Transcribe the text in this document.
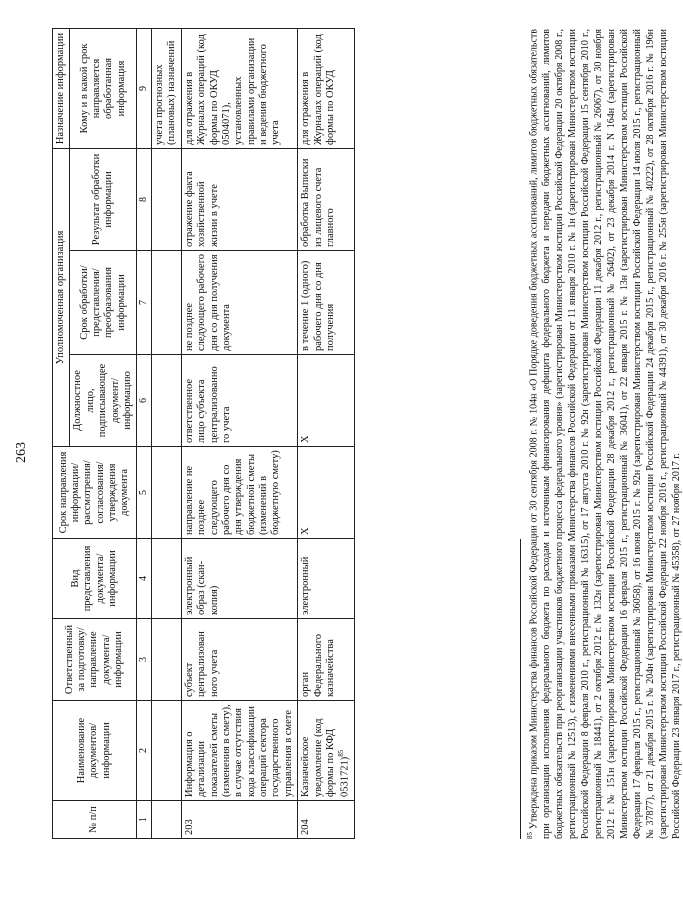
263
№ п/п	Наименование документов/ информации	Ответственный за подготовку/ направление документа/ информации	Вид представления документа/ информации	Срок направления информации/ рассмотрения/ согласования/ утверждения документа	Уполномоченная организация			Назначение информации
					Должностное лицо, подписывающее документ/ информацию	Срок обработки/ представления/ преобразования информации	Результат обработки информации	Кому и в какой срок направляется обработанная информация
1	2	3	4	5	6	7	8	9
								учета прогнозных (плановых) назначений
203	Информация о детализации показателей сметы (изменения в смету), в случае отсутствия кода классификации операций сектора государственного управления в смете	субъект централизован ного учета	электронный образ (скан-копия)	направление не позднее следующего рабочего дня со дня утверждения бюджетной сметы (изменений в бюджетную смету)	ответственное лицо субъекта централизованно го учета	не позднее следующего рабочего дня со дня получения документа	отражение факта хозяйственной жизни в учете	для отражения в Журналах операций (код формы по ОКУД 0504071), установленных правилами организации и ведения бюджетного учета
204	Казначейское уведомление (код формы по КФД 0531721)$^{85}$	орган Федерального казначейства	электронный	X	X	в течение 1 (одного) рабочего дня со дня получения	обработка Выписки из лицевого счета главного	для отражения в Журналах операций (код формы по ОКУД
$^{85}$ Утверждена приказом Министерства финансов Российской Федерации от 30 сентября 2008 г. № 104н «О Порядке доведения бюджетных ассигнований, лимитов бюджетных обязательств при организации исполнения федерального бюджета по расходам и источникам финансирования дефицита федерального бюджета и передачи бюджетных ассигнований, лимитов бюджетных обязательств при реорганизации участников бюджетного процесса федерального уровня» (зарегистрирован Министерством юстиции Российской Федерации 20 октября 2008 г., регистрационный № 12513), с изменениями внесенными приказами Министерства финансов Российской Федерации от 11 января 2010 г. № 1н (зарегистрирован Министерством юстиции Российской Федерации 8 февраля 2010 г., регистрационный № 16315), от 17 августа 2010 г. № 92н (зарегистрирован Министерством юстиции Российской Федерации 15 сентября 2010 г., регистрационный № 18441), от 2 октября 2012 г. № 132н (зарегистрирован Министерством юстиции Российской Федерации 11 декабря 2012 г., регистрационный № 26067), от 30 ноября 2012 г. № 151н (зарегистрирован Министерством юстиции Российской Федерации 28 декабря 2012 г., регистрационный № 26402), от 23 декабря 2014 г. N 164н (зарегистрирован Министерством юстиции Российской Федерации 16 февраля 2015 г., регистрационный № 36041), от 22 января 2015 г. № 13н (зарегистрирован Министерством юстиции Российской Федерации 17 февраля 2015 г., регистрационный № 36058), от 16 июня 2015 г. № 92н (зарегистрирован Министерством юстиции Российской Федерации 14 июля 2015 г., регистрационный № 37877), от 21 декабря 2015 г. № 204н (зарегистрирован Министерством юстиции Российской Федерации 24 декабря 2015 г., регистрационный № 40222), от 28 октября 2016 г. № 196н (зарегистрирован Министерством юстиции Российской Федерации 22 ноября 2016 г., регистрационный № 44391), от 30 декабря 2016 г. № 255н (зарегистрирован Министерством юстиции Российской Федерации 23 января 2017 г., регистрационный № 45358), от 27 ноября 2017 г.
